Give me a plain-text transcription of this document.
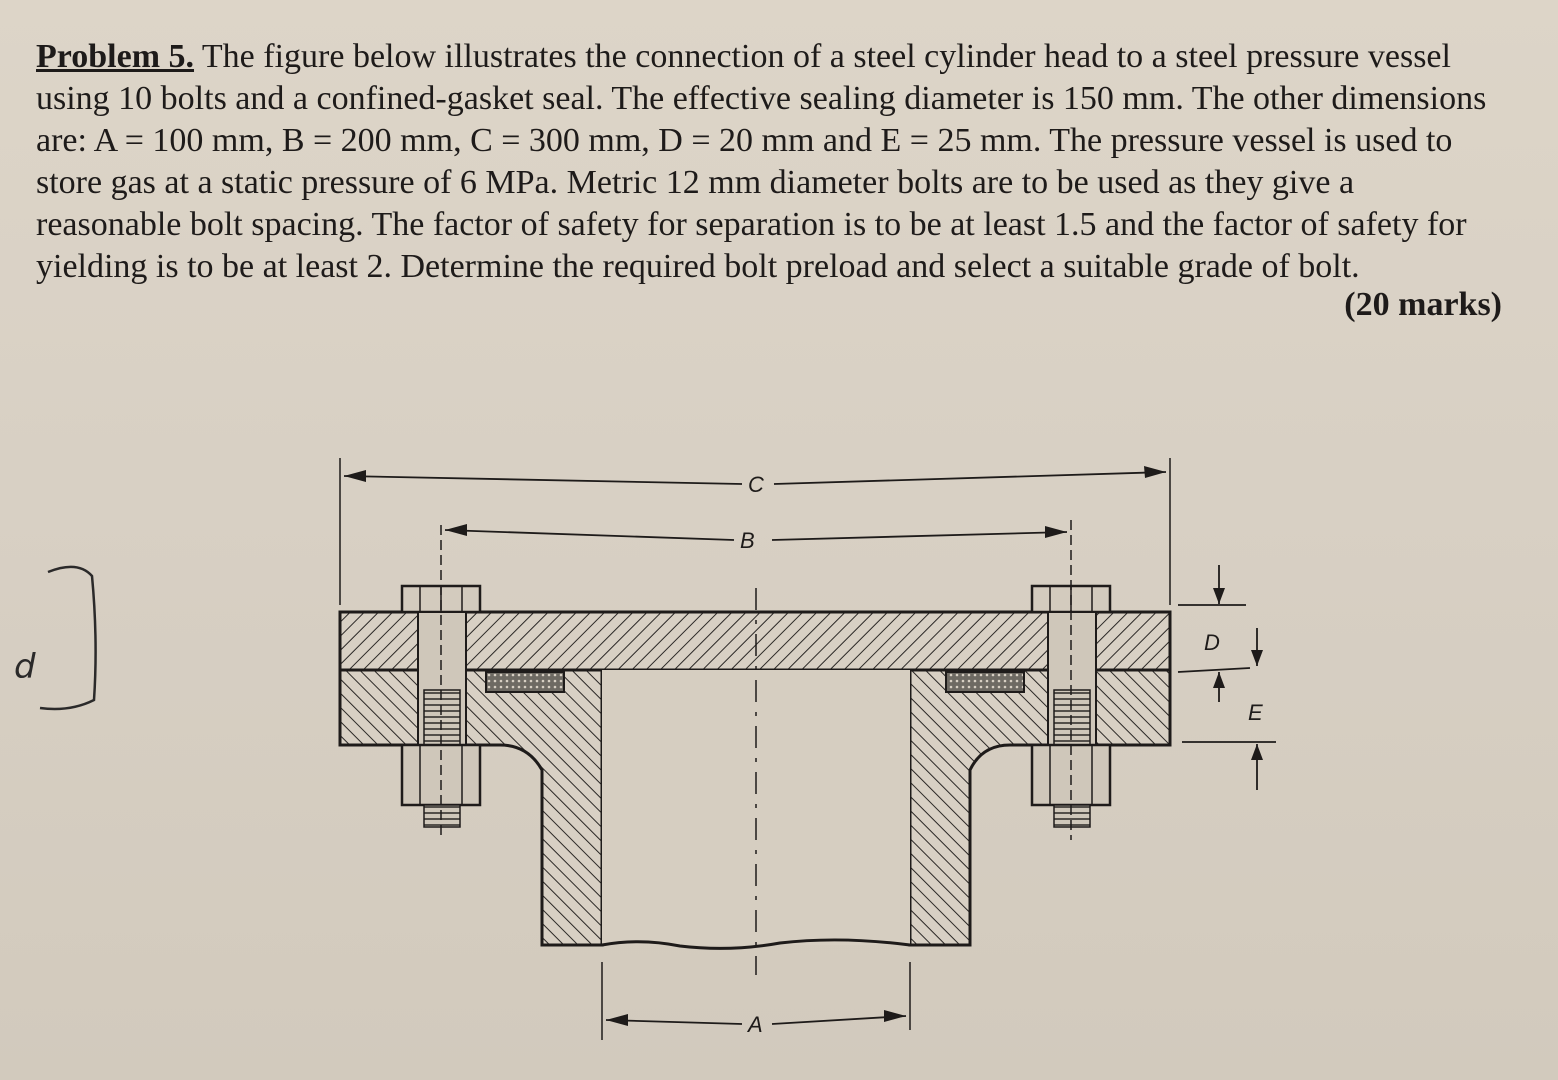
Problem 5. The figure below illustrates the connection of a steel cylinder head to a steel pressure vessel using 10 bolts and a confined-gasket seal. The effective sealing diameter is 150 mm. The other dimensions are: A = 100 mm, B = 200 mm, C = 300 mm, D = 20 mm and E = 25 mm. The pressure vessel is used to store gas at a static pressure of 6 MPa. Metric 12 mm diameter bolts are to be used as they give a reasonable bolt spacing. The factor of safety for separation is to be at least 1.5 and the factor of safety for yielding is to be at least 2. Determine the required bolt preload and select a suitable grade of bolt.
(20 marks)
C
B
A
D
E
d
